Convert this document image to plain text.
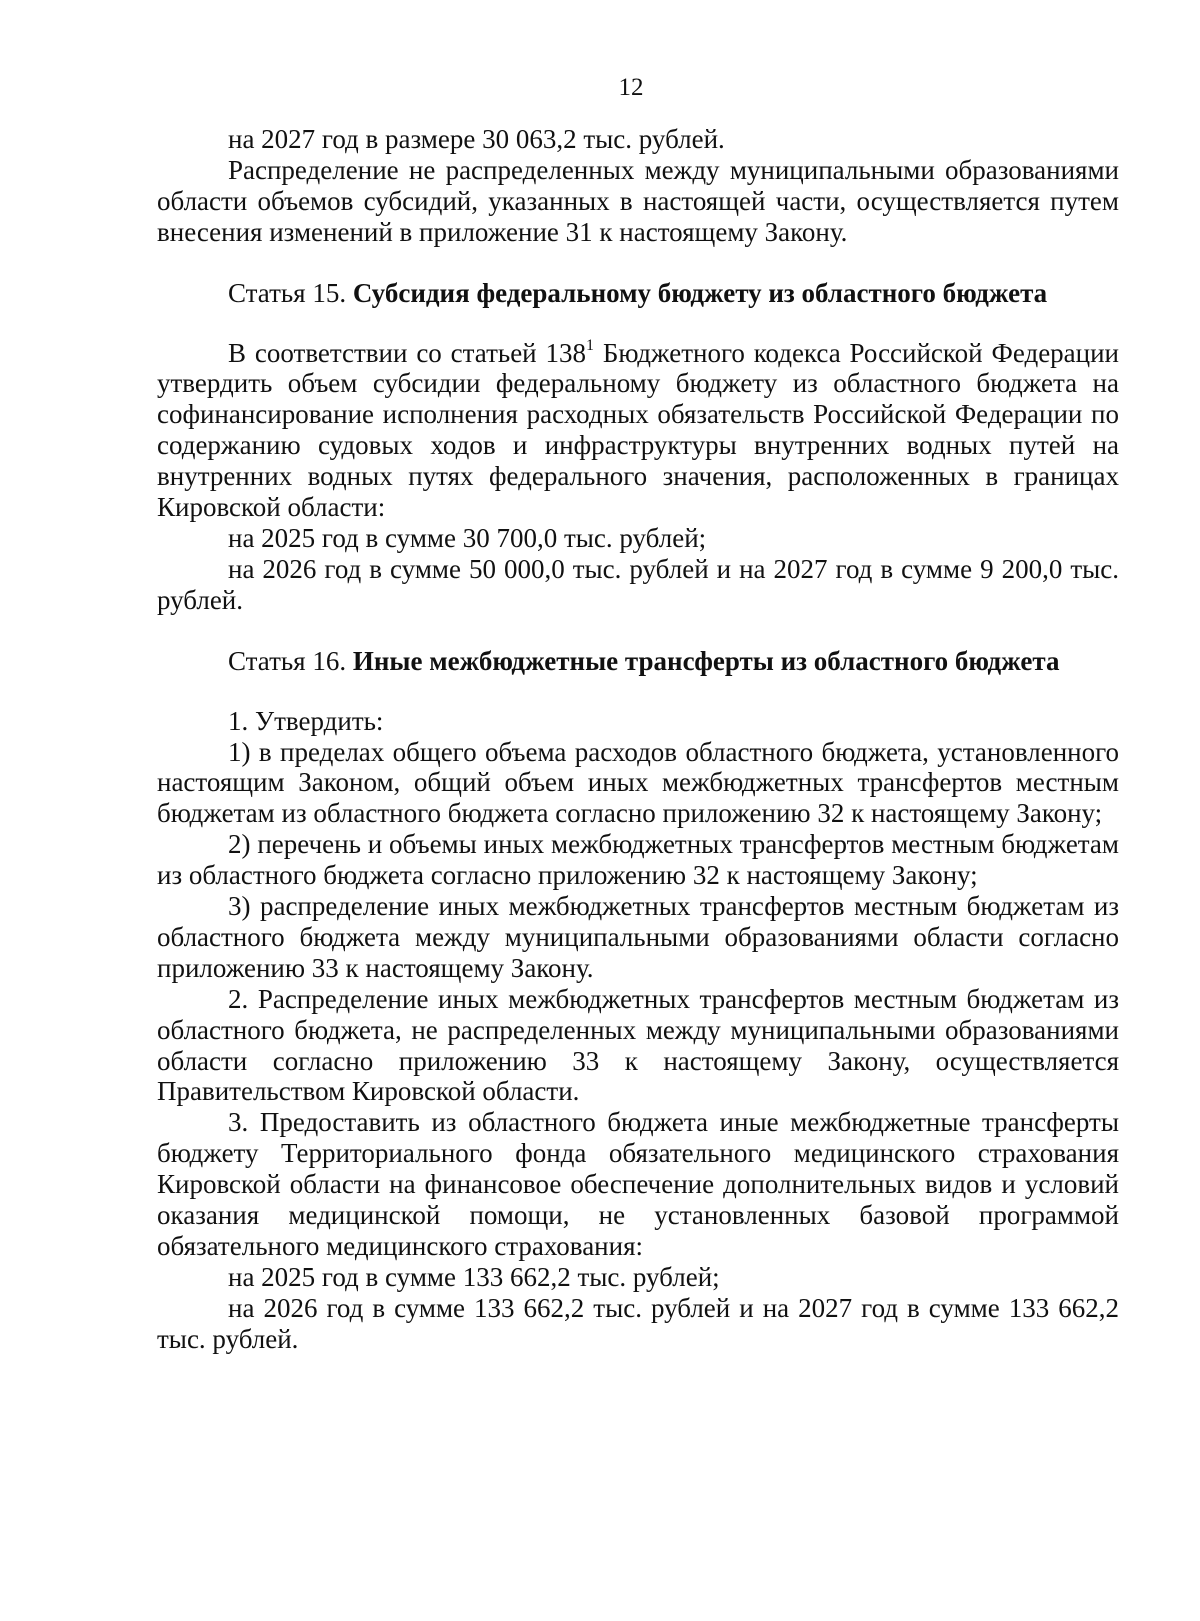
12

на 2027 год в размере 30 063,2 тыс. рублей.

Распределение не распределенных между муниципальными образованиями области объемов субсидий, указанных в настоящей части, осуществляется путем внесения изменений в приложение 31 к настоящему Закону.

Статья 15. Субсидия федеральному бюджету из областного бюджета

В соответствии со статьей $138^1$ Бюджетного кодекса Российской Федерации утвердить объем субсидии федеральному бюджету из областного бюджета на софинансирование исполнения расходных обязательств Российской Федерации по содержанию судовых ходов и инфраструктуры внутренних водных путей на внутренних водных путях федерального значения, расположенных в границах Кировской области:

на 2025 год в сумме 30 700,0 тыс. рублей;

на 2026 год в сумме 50 000,0 тыс. рублей и на 2027 год в сумме 9 200,0 тыс. рублей.

Статья 16. Иные межбюджетные трансферты из областного бюджета

1. Утвердить:

1) в пределах общего объема расходов областного бюджета, установленного настоящим Законом, общий объем иных межбюджетных трансфертов местным бюджетам из областного бюджета согласно приложению 32 к настоящему Закону;

2) перечень и объемы иных межбюджетных трансфертов местным бюджетам из областного бюджета согласно приложению 32 к настоящему Закону;

3) распределение иных межбюджетных трансфертов местным бюджетам из областного бюджета между муниципальными образованиями области согласно приложению 33 к настоящему Закону.

2. Распределение иных межбюджетных трансфертов местным бюджетам из областного бюджета, не распределенных между муниципальными образованиями области согласно приложению 33 к настоящему Закону, осуществляется Правительством Кировской области.

3. Предоставить из областного бюджета иные межбюджетные трансферты бюджету Территориального фонда обязательного медицинского страхования Кировской области на финансовое обеспечение дополнительных видов и условий оказания медицинской помощи, не установленных базовой программой обязательного медицинского страхования:

на 2025 год в сумме 133 662,2 тыс. рублей;

на 2026 год в сумме 133 662,2 тыс. рублей и на 2027 год в сумме 133 662,2 тыс. рублей.
